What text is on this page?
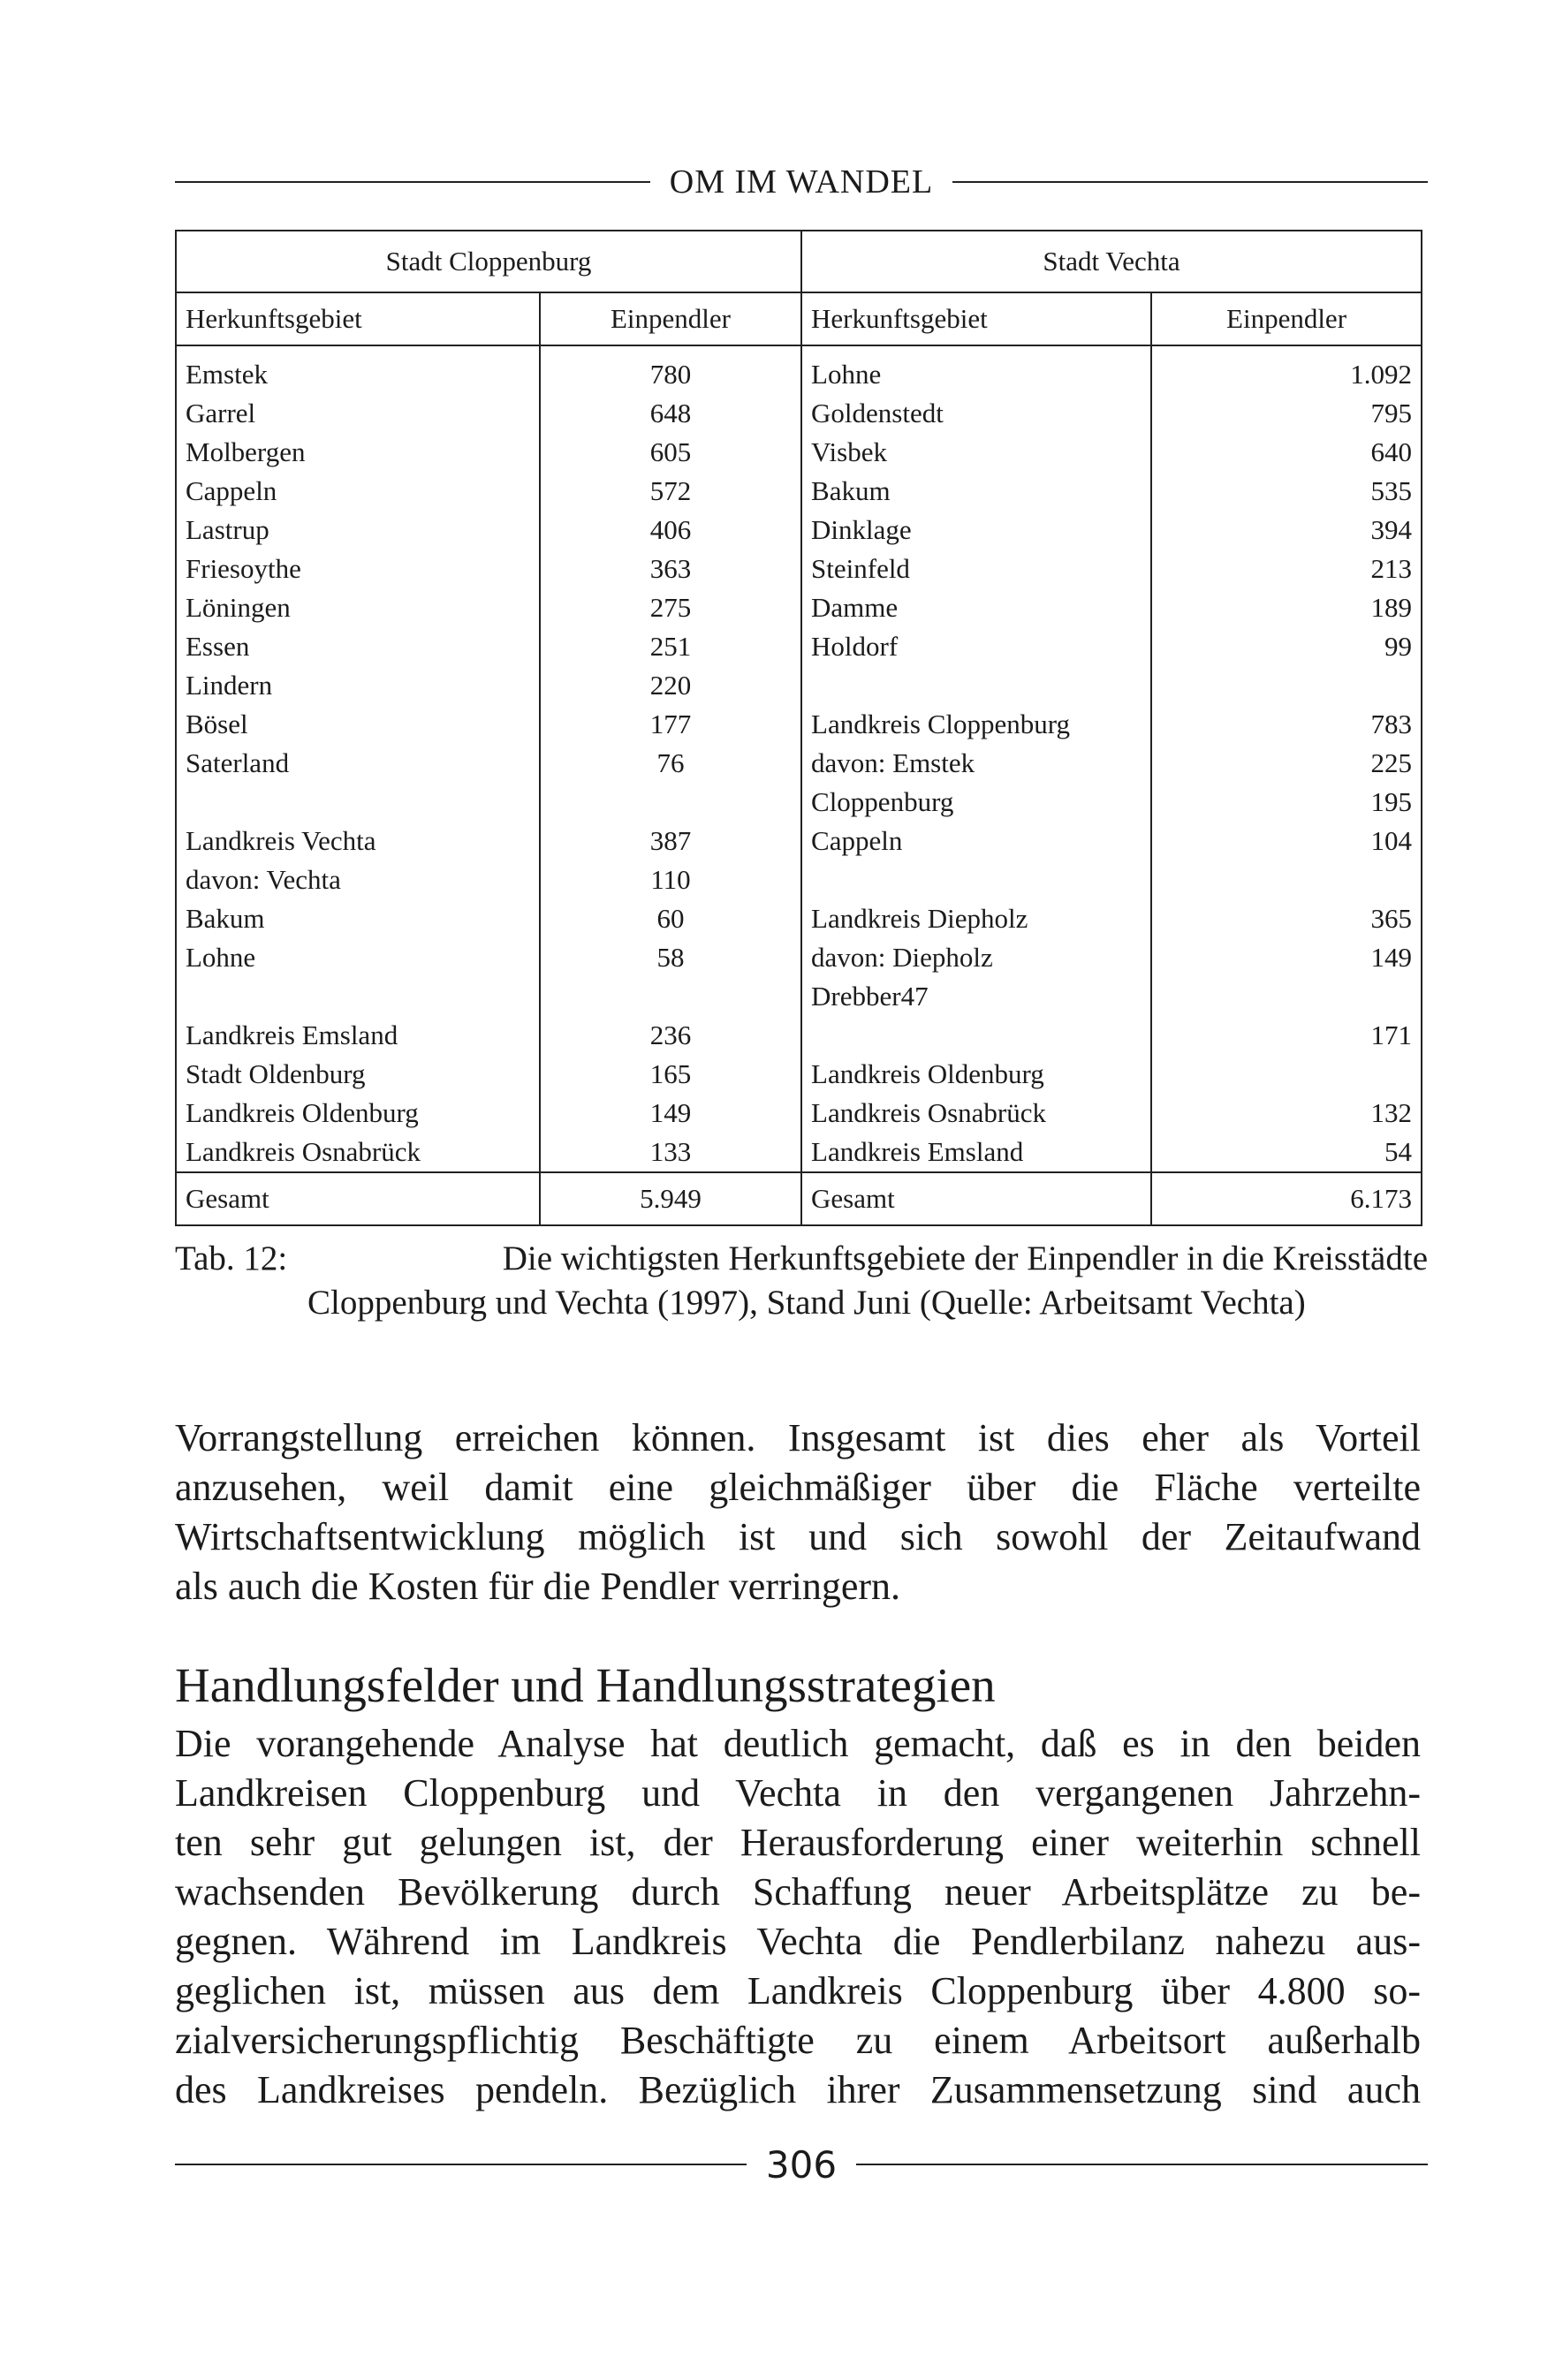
OM IM WANDEL
Stadt Cloppenburg		Stadt Vechta	
Herkunftsgebiet	Einpendler	Herkunftsgebiet	Einpendler
Emstek	780	Lohne	1.092
Garrel	648	Goldenstedt	795
Molbergen	605	Visbek	640
Cappeln	572	Bakum	535
Lastrup	406	Dinklage	394
Friesoythe	363	Steinfeld	213
Löningen	275	Damme	189
Essen	251	Holdorf	99
Lindern	220		
Bösel	177	Landkreis Cloppenburg	783
Saterland	76	davon: Emstek	225
		Cloppenburg	195
Landkreis Vechta	387	Cappeln	104
davon: Vechta	110		
Bakum	60	Landkreis Diepholz	365
Lohne	58	davon: Diepholz	149
		Drebber47	
Landkreis Emsland	236		171
Stadt Oldenburg	165	Landkreis Oldenburg	
Landkreis Oldenburg	149	Landkreis Osnabrück	132
Landkreis Osnabrück	133	Landkreis Emsland	54
Gesamt	5.949	Gesamt	6.173
Tab. 12:	Die wichtigsten Herkunftsgebiete der Einpendler in die Kreisstädte
Cloppenburg und Vechta (1997), Stand Juni (Quelle: Arbeitsamt Vechta)
Vorrangstellung erreichen können. Insgesamt ist dies eher als Vorteil
anzusehen, weil damit eine gleichmäßiger über die Fläche verteilte
Wirtschaftsentwicklung möglich ist und sich sowohl der Zeitaufwand
als auch die Kosten für die Pendler verringern.
Handlungsfelder und Handlungsstrategien
Die vorangehende Analyse hat deutlich gemacht, daß es in den beiden
Landkreisen Cloppenburg und Vechta in den vergangenen Jahrzehn-
ten sehr gut gelungen ist, der Herausforderung einer weiterhin schnell
wachsenden Bevölkerung durch Schaffung neuer Arbeitsplätze zu be-
gegnen. Während im Landkreis Vechta die Pendlerbilanz nahezu aus-
geglichen ist, müssen aus dem Landkreis Cloppenburg über 4.800 so-
zialversicherungspflichtig Beschäftigte zu einem Arbeitsort außerhalb
des Landkreises pendeln. Bezüglich ihrer Zusammensetzung sind auch
306
